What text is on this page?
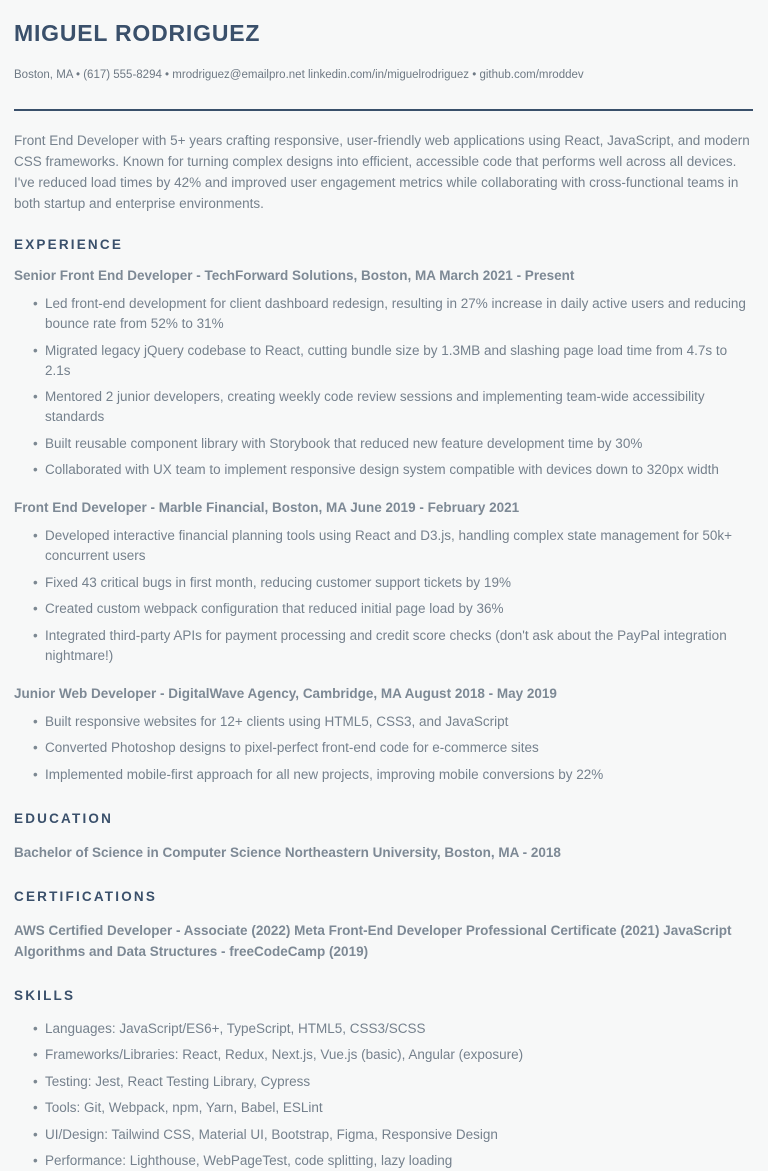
MIGUEL RODRIGUEZ
Boston, MA • (617) 555-8294 • mrodriguez@emailpro.net linkedin.com/in/miguelrodriguez • github.com/mroddev

Front End Developer with 5+ years crafting responsive, user-friendly web applications using React, JavaScript, and modern CSS frameworks. Known for turning complex designs into efficient, accessible code that performs well across all devices. I've reduced load times by 42% and improved user engagement metrics while collaborating with cross-functional teams in both startup and enterprise environments.

EXPERIENCE
Senior Front End Developer - TechForward Solutions, Boston, MA March 2021 - Present
• Led front-end development for client dashboard redesign, resulting in 27% increase in daily active users and reducing bounce rate from 52% to 31%
• Migrated legacy jQuery codebase to React, cutting bundle size by 1.3MB and slashing page load time from 4.7s to 2.1s
• Mentored 2 junior developers, creating weekly code review sessions and implementing team-wide accessibility standards
• Built reusable component library with Storybook that reduced new feature development time by 30%
• Collaborated with UX team to implement responsive design system compatible with devices down to 320px width
Front End Developer - Marble Financial, Boston, MA June 2019 - February 2021
• Developed interactive financial planning tools using React and D3.js, handling complex state management for 50k+ concurrent users
• Fixed 43 critical bugs in first month, reducing customer support tickets by 19%
• Created custom webpack configuration that reduced initial page load by 36%
• Integrated third-party APIs for payment processing and credit score checks (don't ask about the PayPal integration nightmare!)
Junior Web Developer - DigitalWave Agency, Cambridge, MA August 2018 - May 2019
• Built responsive websites for 12+ clients using HTML5, CSS3, and JavaScript
• Converted Photoshop designs to pixel-perfect front-end code for e-commerce sites
• Implemented mobile-first approach for all new projects, improving mobile conversions by 22%
EDUCATION

Bachelor of Science in Computer Science Northeastern University, Boston, MA - 2018

CERTIFICATIONS

AWS Certified Developer - Associate (2022) Meta Front-End Developer Professional Certificate (2021) JavaScript Algorithms and Data Structures - freeCodeCamp (2019)

SKILLS
• Languages: JavaScript/ES6+, TypeScript, HTML5, CSS3/SCSS
• Frameworks/Libraries: React, Redux, Next.js, Vue.js (basic), Angular (exposure)
• Testing: Jest, React Testing Library, Cypress
• Tools: Git, Webpack, npm, Yarn, Babel, ESLint
• UI/Design: Tailwind CSS, Material UI, Bootstrap, Figma, Responsive Design
• Performance: Lighthouse, WebPageTest, code splitting, lazy loading
